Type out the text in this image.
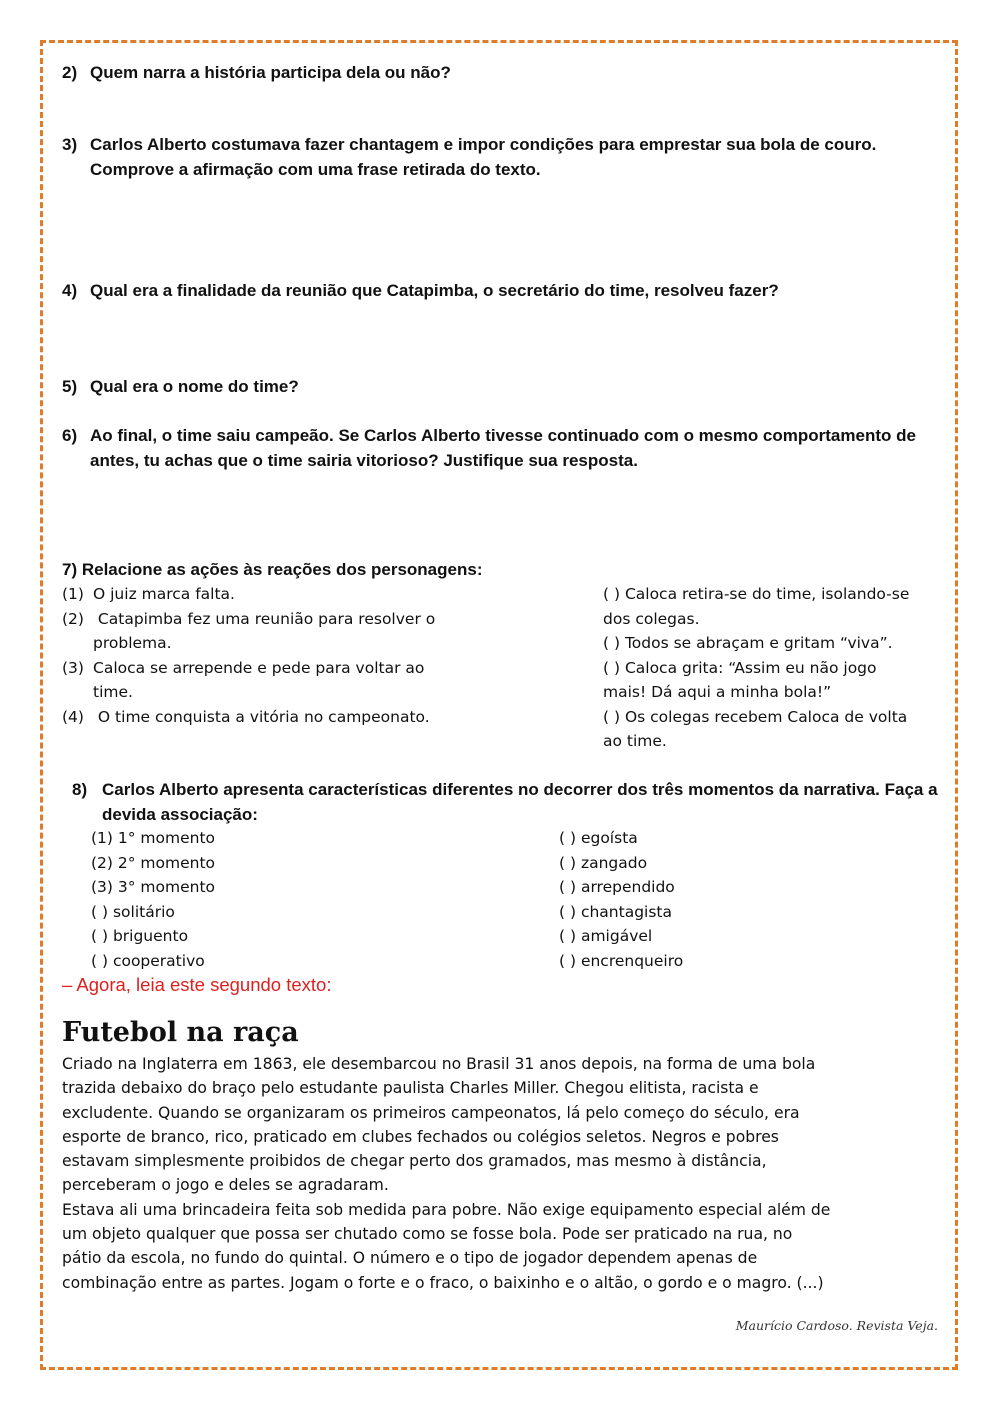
2) Quem narra a história participa dela ou não?
3) Carlos Alberto costumava fazer chantagem e impor condições para emprestar sua bola de couro.
Comprove a afirmação com uma frase retirada do texto.
4) Qual era a finalidade da reunião que Catapimba, o secretário do time, resolveu fazer?
5) Qual era o nome do time?
6) Ao final, o time saiu campeão. Se Carlos Alberto tivesse continuado com o mesmo comportamento de
antes, tu achas que o time sairia vitorioso? Justifique sua resposta.
7) Relacione as ações às reações dos personagens:
(1) O juiz marca falta.
(2) Catapimba fez uma reunião para resolver o
problema.
(3) Caloca se arrepende e pede para voltar ao
time.
(4) O time conquista a vitória no campeonato.
( ) Caloca retira-se do time, isolando-se
dos colegas.
( ) Todos se abraçam e gritam “viva”.
( ) Caloca grita: “Assim eu não jogo
mais! Dá aqui a minha bola!”
( ) Os colegas recebem Caloca de volta
ao time.
8) Carlos Alberto apresenta características diferentes no decorrer dos três momentos da narrativa. Faça a
devida associação:
(1) 1° momento
(2) 2° momento
(3) 3° momento
( ) solitário
( ) briguento
( ) cooperativo
( ) egoísta
( ) zangado
( ) arrependido
( ) chantagista
( ) amigável
( ) encrenqueiro
– Agora, leia este segundo texto:
Futebol na raça

Criado na Inglaterra em 1863, ele desembarcou no Brasil 31 anos depois, na forma de uma bola
trazida debaixo do braço pelo estudante paulista Charles Miller. Chegou elitista, racista e
excludente. Quando se organizaram os primeiros campeonatos, lá pelo começo do século, era
esporte de branco, rico, praticado em clubes fechados ou colégios seletos. Negros e pobres
estavam simplesmente proibidos de chegar perto dos gramados, mas mesmo à distância,
perceberam o jogo e deles se agradaram.

Estava ali uma brincadeira feita sob medida para pobre. Não exige equipamento especial além de
um objeto qualquer que possa ser chutado como se fosse bola. Pode ser praticado na rua, no
pátio da escola, no fundo do quintal. O número e o tipo de jogador dependem apenas de
combinação entre as partes. Jogam o forte e o fraco, o baixinho e o altão, o gordo e o magro. (...)

Maurício Cardoso. Revista Veja.
